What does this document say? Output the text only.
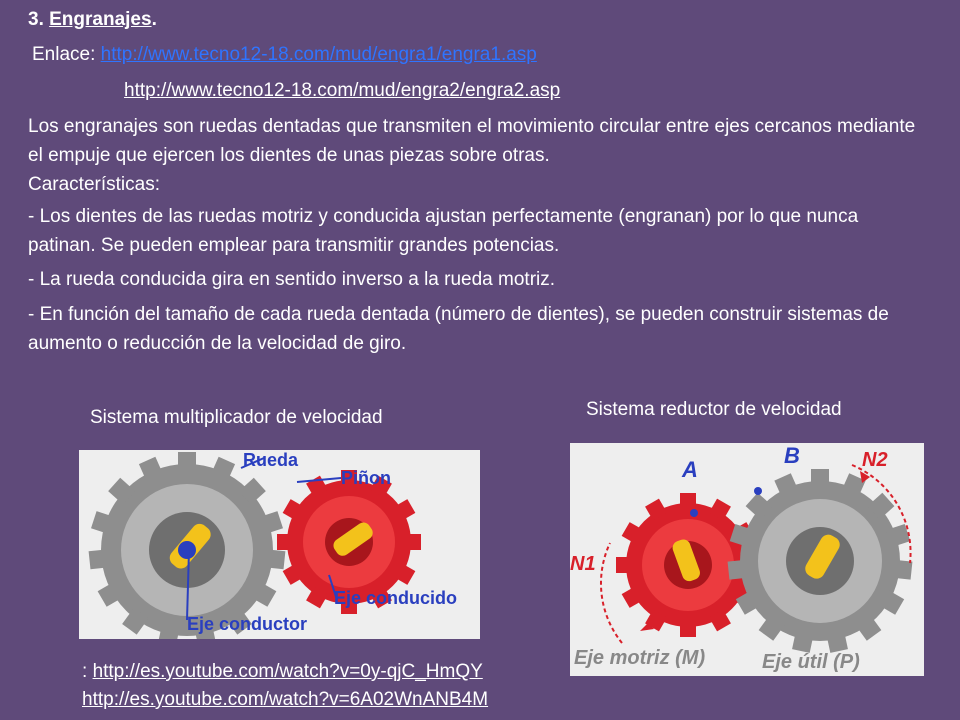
3. Engranajes.
Enlace: http://www.tecno12-18.com/mud/engra1/engra1.asp
http://www.tecno12-18.com/mud/engra2/engra2.asp
Los engranajes son ruedas dentadas que transmiten el movimiento circular entre ejes cercanos mediante el empuje que ejercen los dientes de unas piezas sobre otras.
Características:
- Los dientes de las ruedas motriz y conducida ajustan perfectamente (engranan) por lo que nunca patinan. Se pueden emplear para transmitir grandes potencias.
- La rueda conducida gira en sentido inverso a la rueda motriz.
- En función del tamaño de cada rueda dentada (número de dientes), se pueden construir sistemas de aumento o reducción de la velocidad de giro.
Sistema multiplicador de velocidad	Sistema reductor de velocidad
Rueda
Piñon
Eje conducido
Eje conductor
A
B
N1
N2
Eje motriz (M)	Eje útil (P)
: http://es.youtube.com/watch?v=0y-qjC_HmQY
http://es.youtube.com/watch?v=6A02WnANB4M
